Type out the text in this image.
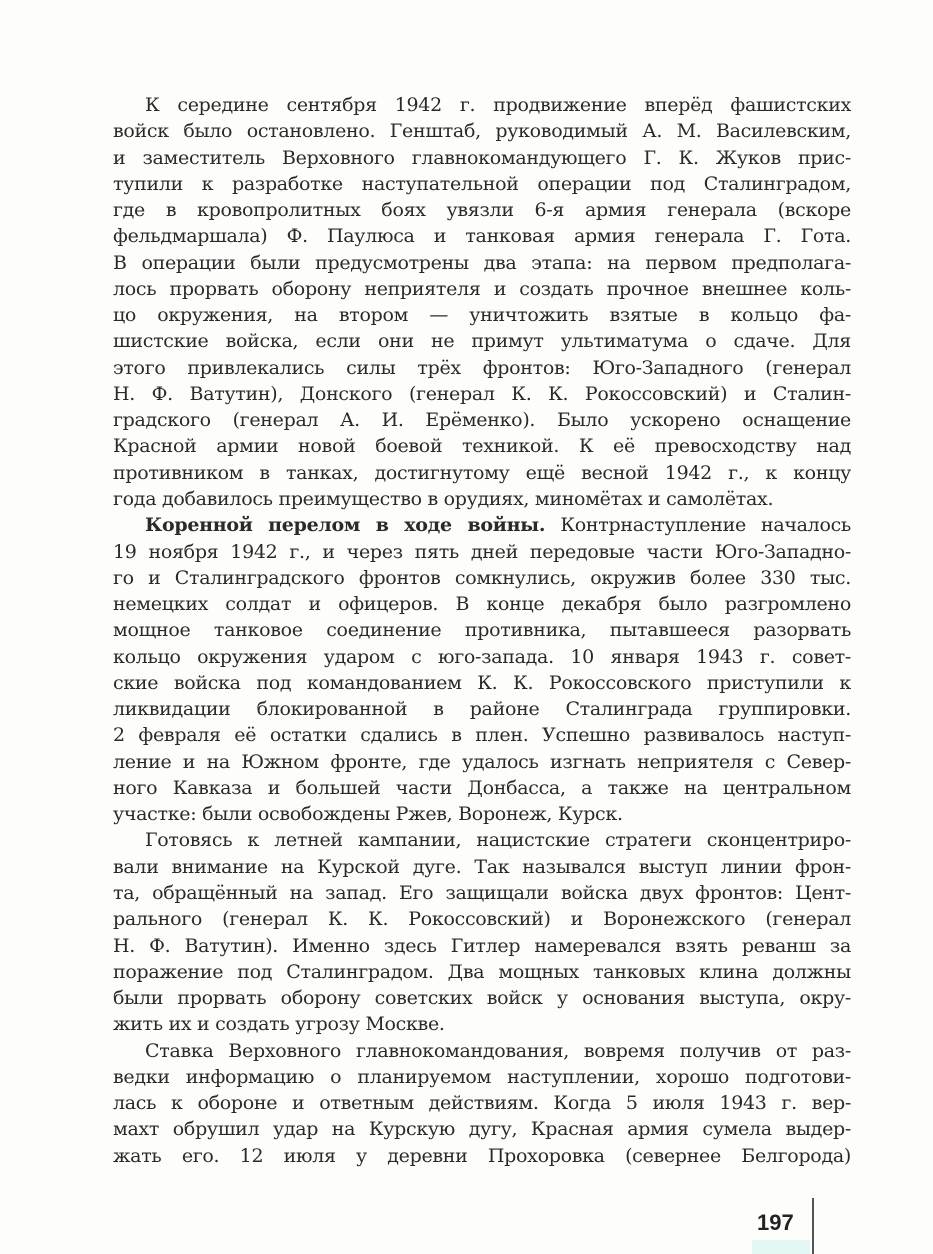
К середине сентября 1942 г. продвижение вперёд фашистских
войск было остановлено. Генштаб, руководимый А. М. Василевским,
и заместитель Верховного главнокомандующего Г. К. Жуков прис-
тупили к разработке наступательной операции под Сталинградом,
где в кровопролитных боях увязли 6-я армия генерала (вскоре
фельдмаршала) Ф. Паулюса и танковая армия генерала Г. Гота.
В операции были предусмотрены два этапа: на первом предполага-
лось прорвать оборону неприятеля и создать прочное внешнее коль-
цо окружения, на втором — уничтожить взятые в кольцо фа-
шистские войска, если они не примут ультиматума о сдаче. Для
этого привлекались силы трёх фронтов: Юго-Западного (генерал
Н. Ф. Ватутин), Донского (генерал К. К. Рокоссовский) и Сталин-
градского (генерал А. И. Ерёменко). Было ускорено оснащение
Красной армии новой боевой техникой. К её превосходству над
противником в танках, достигнутому ещё весной 1942 г., к концу
года добавилось преимущество в орудиях, миномётах и самолётах.
Коренной перелом в ходе войны. Контрнаступление началось
19 ноября 1942 г., и через пять дней передовые части Юго-Западно-
го и Сталинградского фронтов сомкнулись, окружив более 330 тыс.
немецких солдат и офицеров. В конце декабря было разгромлено
мощное танковое соединение противника, пытавшееся разорвать
кольцо окружения ударом с юго-запада. 10 января 1943 г. совет-
ские войска под командованием К. К. Рокоссовского приступили к
ликвидации блокированной в районе Сталинграда группировки.
2 февраля её остатки сдались в плен. Успешно развивалось наступ-
ление и на Южном фронте, где удалось изгнать неприятеля с Север-
ного Кавказа и большей части Донбасса, а также на центральном
участке: были освобождены Ржев, Воронеж, Курск.
Готовясь к летней кампании, нацистские стратеги сконцентриро-
вали внимание на Курской дуге. Так назывался выступ линии фрон-
та, обращённый на запад. Его защищали войска двух фронтов: Цент-
рального (генерал К. К. Рокоссовский) и Воронежского (генерал
Н. Ф. Ватутин). Именно здесь Гитлер намеревался взять реванш за
поражение под Сталинградом. Два мощных танковых клина должны
были прорвать оборону советских войск у основания выступа, окру-
жить их и создать угрозу Москве.
Ставка Верховного главнокомандования, вовремя получив от раз-
ведки информацию о планируемом наступлении, хорошо подготови-
лась к обороне и ответным действиям. Когда 5 июля 1943 г. вер-
махт обрушил удар на Курскую дугу, Красная армия сумела выдер-
жать его. 12 июля у деревни Прохоровка (севернее Белгорода)
197
